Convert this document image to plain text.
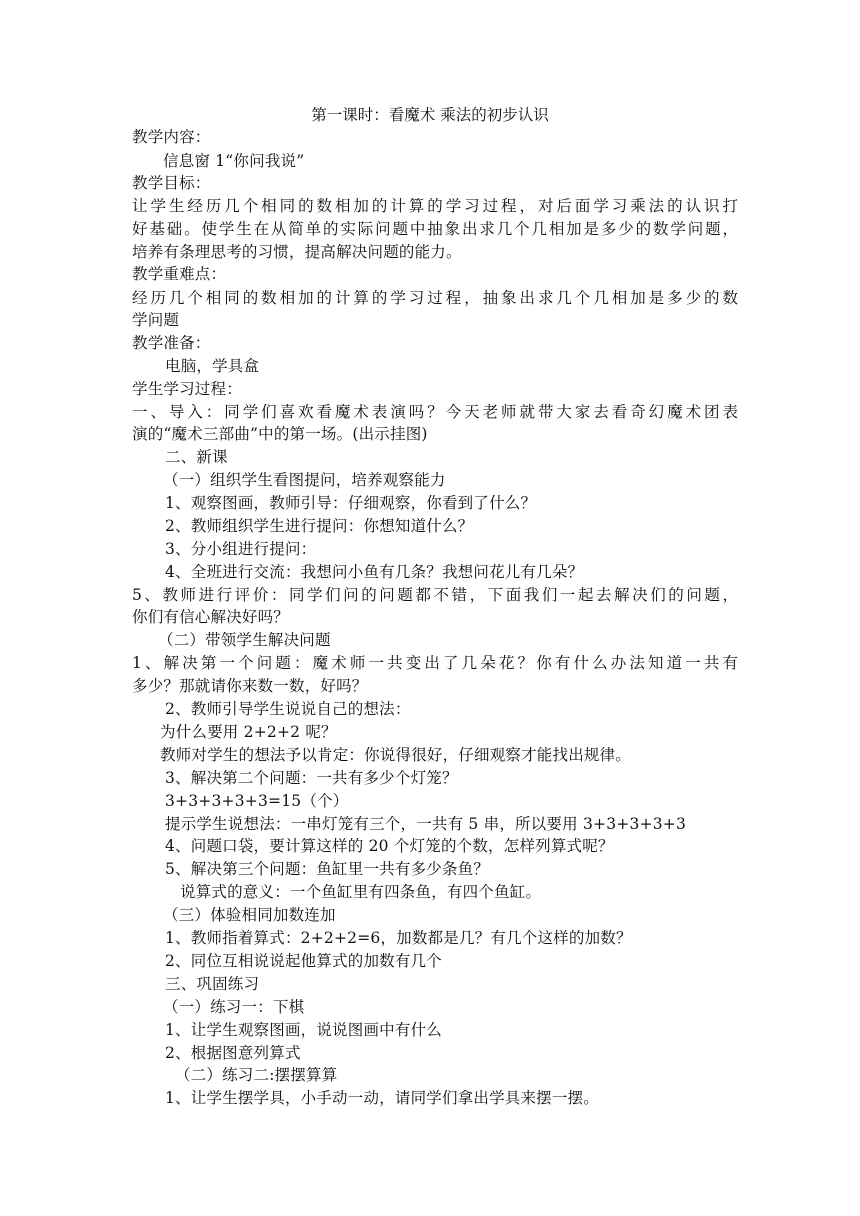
第一课时：看魔术 乘法的初步认识
教学内容：
信息窗 1“你问我说”
教学目标：
让学生经历几个相同的数相加的计算的学习过程，对后面学习乘法的认识打
好基础。使学生在从简单的实际问题中抽象出求几个几相加是多少的数学问题，
培养有条理思考的习惯，提高解决问题的能力。
教学重难点：
经历几个相同的数相加的计算的学习过程，抽象出求几个几相加是多少的数
学问题
教学准备：
电脑，学具盒
学生学习过程：
一、导入：同学们喜欢看魔术表演吗？今天老师就带大家去看奇幻魔术团表
演的“魔术三部曲”中的第一场。(出示挂图)
二、新课
（一）组织学生看图提问，培养观察能力
1、观察图画，教师引导：仔细观察，你看到了什么？
2、教师组织学生进行提问：你想知道什么？
3、分小组进行提问：
4、全班进行交流：我想问小鱼有几条？我想问花儿有几朵？
5、教师进行评价：同学们问的问题都不错，下面我们一起去解决们的问题，
你们有信心解决好吗？
（二）带领学生解决问题
1、解决第一个问题：魔术师一共变出了几朵花？你有什么办法知道一共有
多少？那就请你来数一数，好吗？
2、教师引导学生说说自己的想法：
为什么要用 2+2+2 呢？
教师对学生的想法予以肯定：你说得很好，仔细观察才能找出规律。
3、解决第二个问题：一共有多少个灯笼？
3+3+3+3+3=15（个）
提示学生说想法：一串灯笼有三个，一共有 5 串，所以要用 3+3+3+3+3
4、问题口袋，要计算这样的 20 个灯笼的个数，怎样列算式呢？
5、解决第三个问题：鱼缸里一共有多少条鱼？
说算式的意义：一个鱼缸里有四条鱼，有四个鱼缸。
（三）体验相同加数连加
1、教师指着算式：2+2+2=6，加数都是几？有几个这样的加数？
2、同位互相说说起他算式的加数有几个
三、巩固练习
（一）练习一：下棋
1、让学生观察图画，说说图画中有什么
2、根据图意列算式
（二）练习二:摆摆算算
1、让学生摆学具，小手动一动，请同学们拿出学具来摆一摆。
